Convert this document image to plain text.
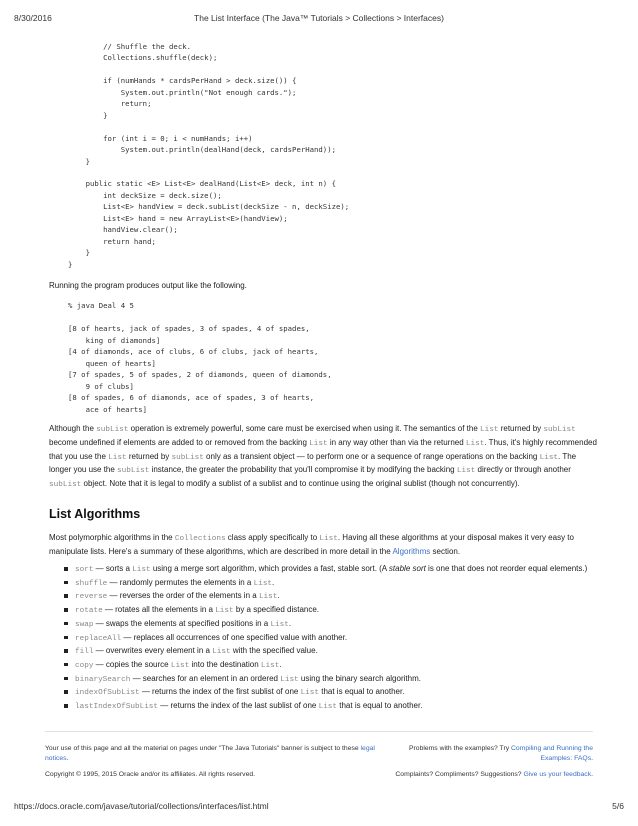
8/30/2016	The List Interface (The Java™ Tutorials > Collections > Interfaces)
// Shuffle the deck.
Collections.shuffle(deck);

if (numHands * cardsPerHand > deck.size()) {
System.out.println("Not enough cards.");
return;
}

for (int i = 0; i < numHands; i++)
System.out.println(dealHand(deck, cardsPerHand));
}

public static <E> List<E> dealHand(List<E> deck, int n) {
int deckSize = deck.size();
List<E> handView = deck.subList(deckSize - n, deckSize);
List<E> hand = new ArrayList<E>(handView);
handView.clear();
return hand;
}
}
Running the program produces output like the following.
% java Deal 4 5

[8 of hearts, jack of spades, 3 of spades, 4 of spades,
king of diamonds]
[4 of diamonds, ace of clubs, 6 of clubs, jack of hearts,
queen of hearts]
[7 of spades, 5 of spades, 2 of diamonds, queen of diamonds,
9 of clubs]
[8 of spades, 6 of diamonds, ace of spades, 3 of hearts,
ace of hearts]
Although the subList operation is extremely powerful, some care must be exercised when using it. The semantics of the List returned by subList become undefined if elements are added to or removed from the backing List in any way other than via the returned List. Thus, it's highly recommended that you use the List returned by subList only as a transient object — to perform one or a sequence of range operations on the backing List. The longer you use the subList instance, the greater the probability that you'll compromise it by modifying the backing List directly or through another subList object. Note that it is legal to modify a sublist of a sublist and to continue using the original sublist (though not concurrently).
List Algorithms
Most polymorphic algorithms in the Collections class apply specifically to List. Having all these algorithms at your disposal makes it very easy to manipulate lists. Here's a summary of these algorithms, which are described in more detail in the Algorithms section.
sort — sorts a List using a merge sort algorithm, which provides a fast, stable sort. (A stable sort is one that does not reorder equal elements.)
shuffle — randomly permutes the elements in a List.
reverse — reverses the order of the elements in a List.
rotate — rotates all the elements in a List by a specified distance.
swap — swaps the elements at specified positions in a List.
replaceAll — replaces all occurrences of one specified value with another.
fill — overwrites every element in a List with the specified value.
copy — copies the source List into the destination List.
binarySearch — searches for an element in an ordered List using the binary search algorithm.
indexOfSubList — returns the index of the first sublist of one List that is equal to another.
lastIndexOfSubList — returns the index of the last sublist of one List that is equal to another.
Your use of this page and all the material on pages under "The Java Tutorials" banner is subject to these legal notices.
Problems with the examples? Try Compiling and Running the Examples: FAQs.
Copyright © 1995, 2015 Oracle and/or its affiliates. All rights reserved.	Complaints? Compliments? Suggestions? Give us your feedback.
https://docs.oracle.com/javase/tutorial/collections/interfaces/list.html	5/6
